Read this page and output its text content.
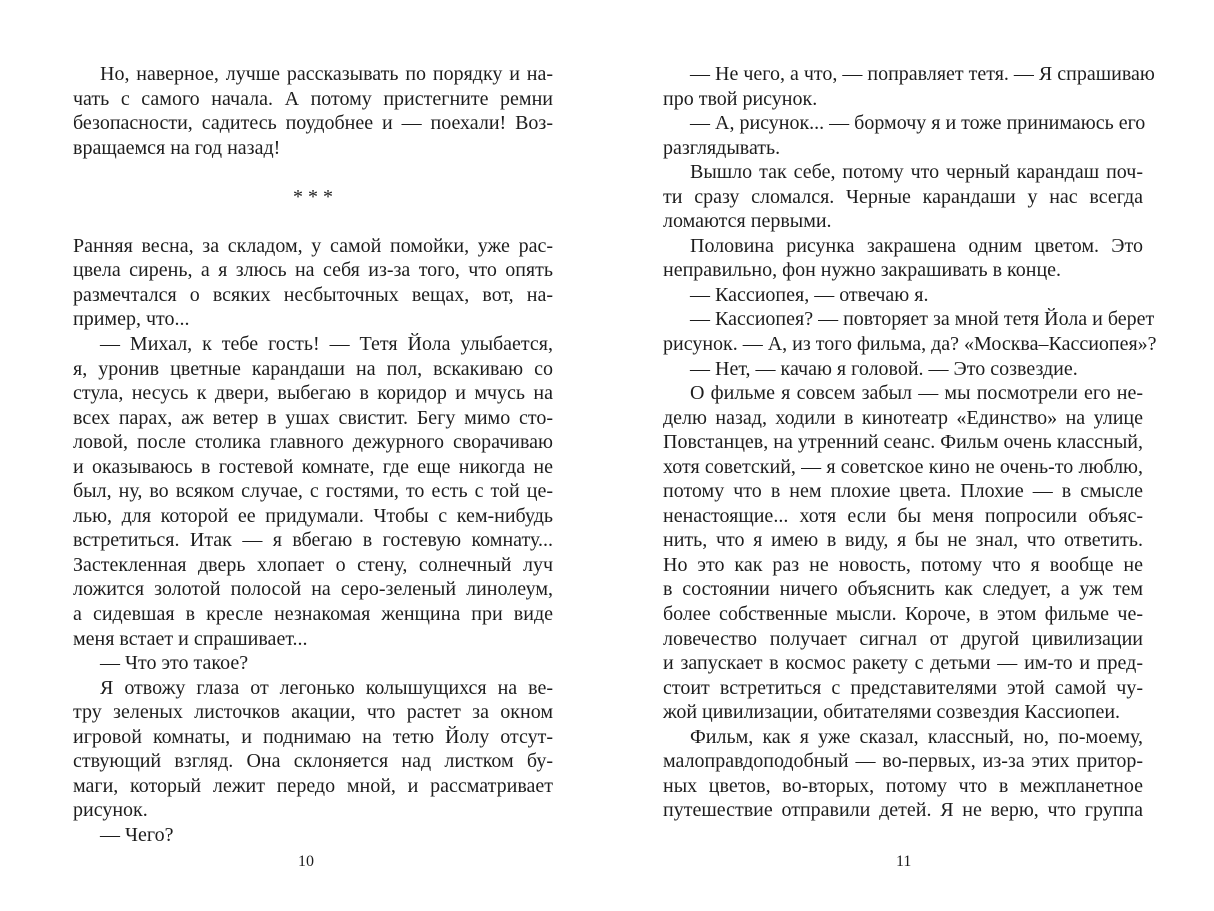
Но, наверное, лучше рассказывать по порядку и на-
чать с самого начала. А потому пристегните ремни
безопасности, садитесь поудобнее и — поехали! Воз-
вращаемся на год назад!
* * *
Ранняя весна, за складом, у самой помойки, уже рас-
цвела сирень, а я злюсь на себя из-за того, что опять
размечтался о всяких несбыточных вещах, вот, на-
пример, что...
— Михал, к тебе гость! — Тетя Йола улыбается,
я, уронив цветные карандаши на пол, вскакиваю со
стула, несусь к двери, выбегаю в коридор и мчусь на
всех парах, аж ветер в ушах свистит. Бегу мимо сто-
ловой, после столика главного дежурного сворачиваю
и оказываюсь в гостевой комнате, где еще никогда не
был, ну, во всяком случае, с гостями, то есть с той це-
лью, для которой ее придумали. Чтобы с кем-нибудь
встретиться. Итак — я вбегаю в гостевую комнату...
Застекленная дверь хлопает о стену, солнечный луч
ложится золотой полосой на серо-зеленый линолеум,
а сидевшая в кресле незнакомая женщина при виде
меня встает и спрашивает...
— Что это такое?
Я отвожу глаза от легонько колышущихся на ве-
тру зеленых листочков акации, что растет за окном
игровой комнаты, и поднимаю на тетю Йолу отсут-
ствующий взгляд. Она склоняется над листком бу-
маги, который лежит передо мной, и рассматривает
рисунок.
— Чего?
— Не чего, а что, — поправляет тетя. — Я спрашиваю
про твой рисунок.
— А, рисунок... — бормочу я и тоже принимаюсь его
разглядывать.
Вышло так себе, потому что черный карандаш поч-
ти сразу сломался. Черные карандаши у нас всегда
ломаются первыми.
Половина рисунка закрашена одним цветом. Это
неправильно, фон нужно закрашивать в конце.
— Кассиопея, — отвечаю я.
— Кассиопея? — повторяет за мной тетя Йола и берет
рисунок. — А, из того фильма, да? «Москва–Кассиопея»?
— Нет, — качаю я головой. — Это созвездие.
О фильме я совсем забыл — мы посмотрели его не-
делю назад, ходили в кинотеатр «Единство» на улице
Повстанцев, на утренний сеанс. Фильм очень классный,
хотя советский, — я советское кино не очень-то люблю,
потому что в нем плохие цвета. Плохие — в смысле
ненастоящие... хотя если бы меня попросили объяс-
нить, что я имею в виду, я бы не знал, что ответить.
Но это как раз не новость, потому что я вообще не
в состоянии ничего объяснить как следует, а уж тем
более собственные мысли. Короче, в этом фильме че-
ловечество получает сигнал от другой цивилизации
и запускает в космос ракету с детьми — им-то и пред-
стоит встретиться с представителями этой самой чу-
жой цивилизации, обитателями созвездия Кассиопеи.
Фильм, как я уже сказал, классный, но, по-моему,
малоправдоподобный — во-первых, из-за этих притор-
ных цветов, во-вторых, потому что в межпланетное
путешествие отправили детей. Я не верю, что группа
10	11
